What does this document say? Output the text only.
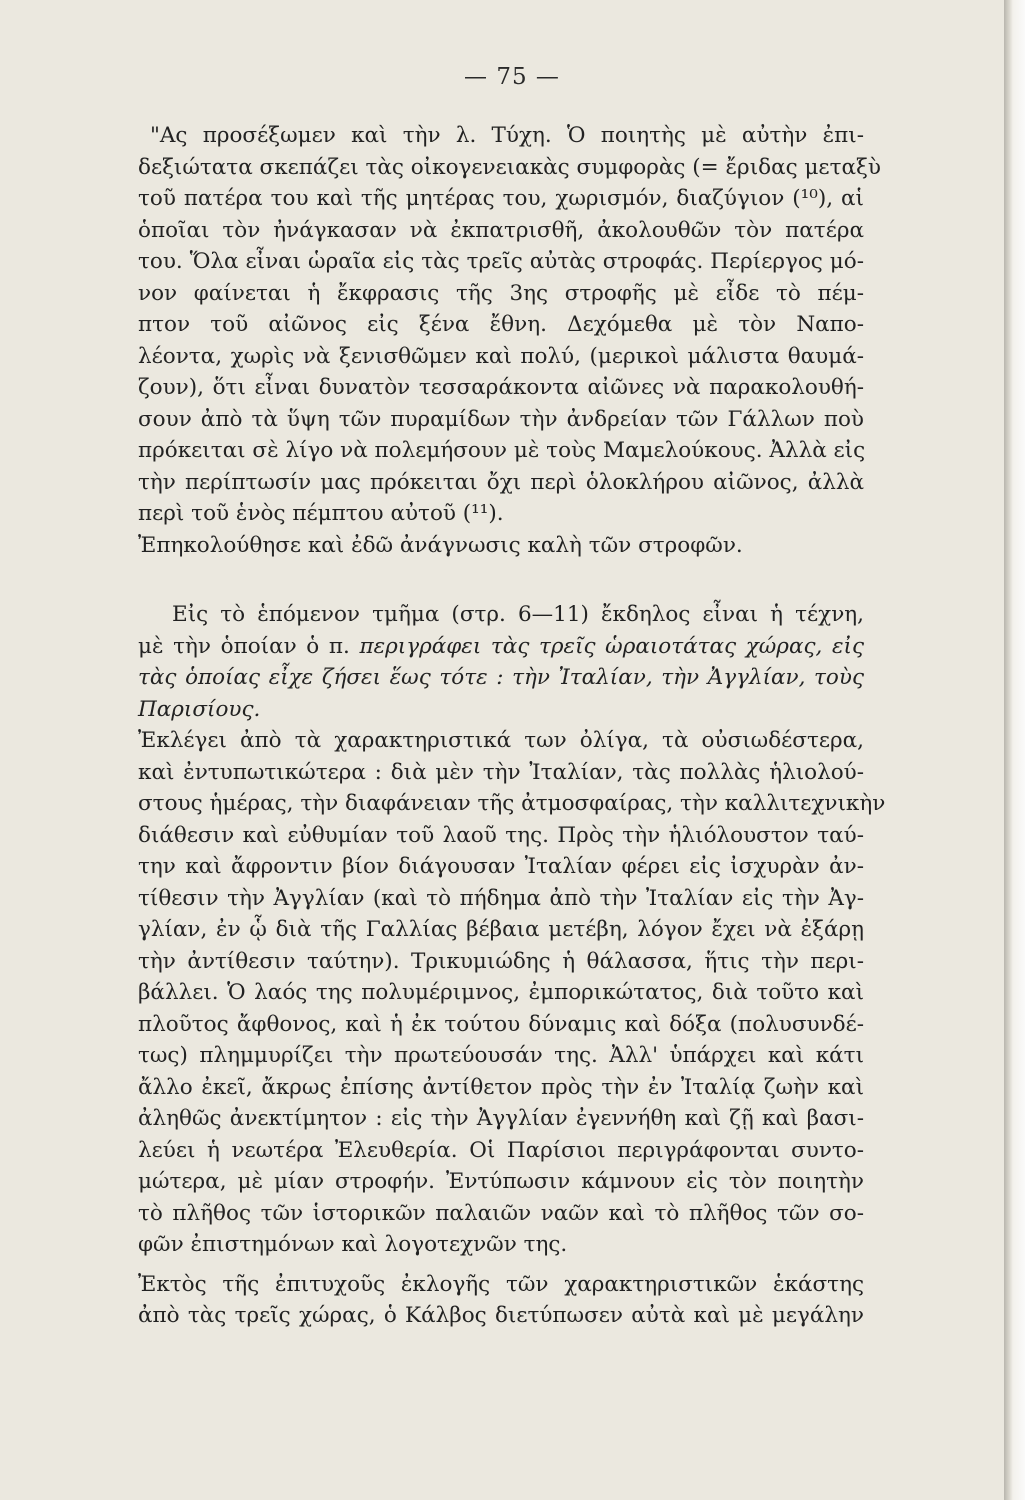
— 75 —
"Ας προσέξωμεν καὶ τὴν λ. Τύχη. Ὁ ποιητὴς μὲ αὐτὴν ἐπι-
δεξιώτατα σκεπάζει τὰς οἰκογενειακὰς συμφορὰς (= ἔριδας μεταξὺ
τοῦ πατέρα του καὶ τῆς μητέρας του, χωρισμόν, διαζύγιον (¹⁰), αἱ
ὁποῖαι τὸν ἠνάγκασαν νὰ ἐκπατρισθῆ, ἀκολουθῶν τὸν πατέρα
του. Ὅλα εἶναι ὡραῖα εἰς τὰς τρεῖς αὐτὰς στροφάς. Περίεργος μό-
νον φαίνεται ἡ ἔκφρασις τῆς 3ης στροφῆς μὲ εἶδε τὸ πέμ-
πτον τοῦ αἰῶνος εἰς ξένα ἔθνη. Δεχόμεθα μὲ τὸν Ναπο-
λέοντα, χωρὶς νὰ ξενισθῶμεν καὶ πολύ, (μερικοὶ μάλιστα θαυμά-
ζουν), ὅτι εἶναι δυνατὸν τεσσαράκοντα αἰῶνες νὰ παρακολουθή-
σουν ἀπὸ τὰ ὕψη τῶν πυραμίδων τὴν ἀνδρείαν τῶν Γάλλων ποὺ
πρόκειται σὲ λίγο νὰ πολεμήσουν μὲ τοὺς Μαμελούκους. Ἀλλὰ εἰς
τὴν περίπτωσίν μας πρόκειται ὄχι περὶ ὁλοκλήρου αἰῶνος, ἀλλὰ
περὶ τοῦ ἑνὸς πέμπτου αὐτοῦ (¹¹).
Ἐπηκολούθησε καὶ ἐδῶ ἀνάγνωσις καλὴ τῶν στροφῶν.
Εἰς τὸ ἑπόμενον τμῆμα (στρ. 6—11) ἔκδηλος εἶναι ἡ τέχνη,
μὲ τὴν ὁποίαν ὁ π. περιγράφει τὰς τρεῖς ὡραιοτάτας χώρας, εἰς
τὰς ὁποίας εἶχε ζήσει ἕως τότε : τὴν Ἰταλίαν, τὴν Ἀγγλίαν, τοὺς
Παρισίους.
Ἐκλέγει ἀπὸ τὰ χαρακτηριστικά των ὀλίγα, τὰ οὐσιωδέστερα,
καὶ ἐντυπωτικώτερα : διὰ μὲν τὴν Ἰταλίαν, τὰς πολλὰς ἡλιολού-
στους ἡμέρας, τὴν διαφάνειαν τῆς ἀτμοσφαίρας, τὴν καλλιτεχνικὴν
διάθεσιν καὶ εὐθυμίαν τοῦ λαοῦ της. Πρὸς τὴν ἡλιόλουστον ταύ-
την καὶ ἄφροντιν βίον διάγουσαν Ἰταλίαν φέρει εἰς ἰσχυρὰν ἀν-
τίθεσιν τὴν Ἀγγλίαν (καὶ τὸ πήδημα ἀπὸ τὴν Ἰταλίαν εἰς τὴν Ἀγ-
γλίαν, ἐν ᾧ διὰ τῆς Γαλλίας βέβαια μετέβη, λόγον ἔχει νὰ ἐξάρῃ
τὴν ἀντίθεσιν ταύτην). Τρικυμιώδης ἡ θάλασσα, ἥτις τὴν περι-
βάλλει. Ὁ λαός της πολυμέριμνος, ἐμπορικώτατος, διὰ τοῦτο καὶ
πλοῦτος ἄφθονος, καὶ ἡ ἐκ τούτου δύναμις καὶ δόξα (πολυσυνδέ-
τως) πλημμυρίζει τὴν πρωτεύουσάν της. Ἀλλ' ὑπάρχει καὶ κάτι
ἄλλο ἐκεῖ, ἄκρως ἐπίσης ἀντίθετον πρὸς τὴν ἐν Ἰταλίᾳ ζωὴν καὶ
ἀληθῶς ἀνεκτίμητον : εἰς τὴν Ἀγγλίαν ἐγεννήθη καὶ ζῇ καὶ βασι-
λεύει ἡ νεωτέρα Ἐλευθερία. Οἱ Παρίσιοι περιγράφονται συντο-
μώτερα, μὲ μίαν στροφήν. Ἐντύπωσιν κάμνουν εἰς τὸν ποιητὴν
τὸ πλῆθος τῶν ἱστορικῶν παλαιῶν ναῶν καὶ τὸ πλῆθος τῶν σο-
φῶν ἐπιστημόνων καὶ λογοτεχνῶν της.
Ἐκτὸς τῆς ἐπιτυχοῦς ἐκλογῆς τῶν χαρακτηριστικῶν ἑκάστης
ἀπὸ τὰς τρεῖς χώρας, ὁ Κάλβος διετύπωσεν αὐτὰ καὶ μὲ μεγάλην
